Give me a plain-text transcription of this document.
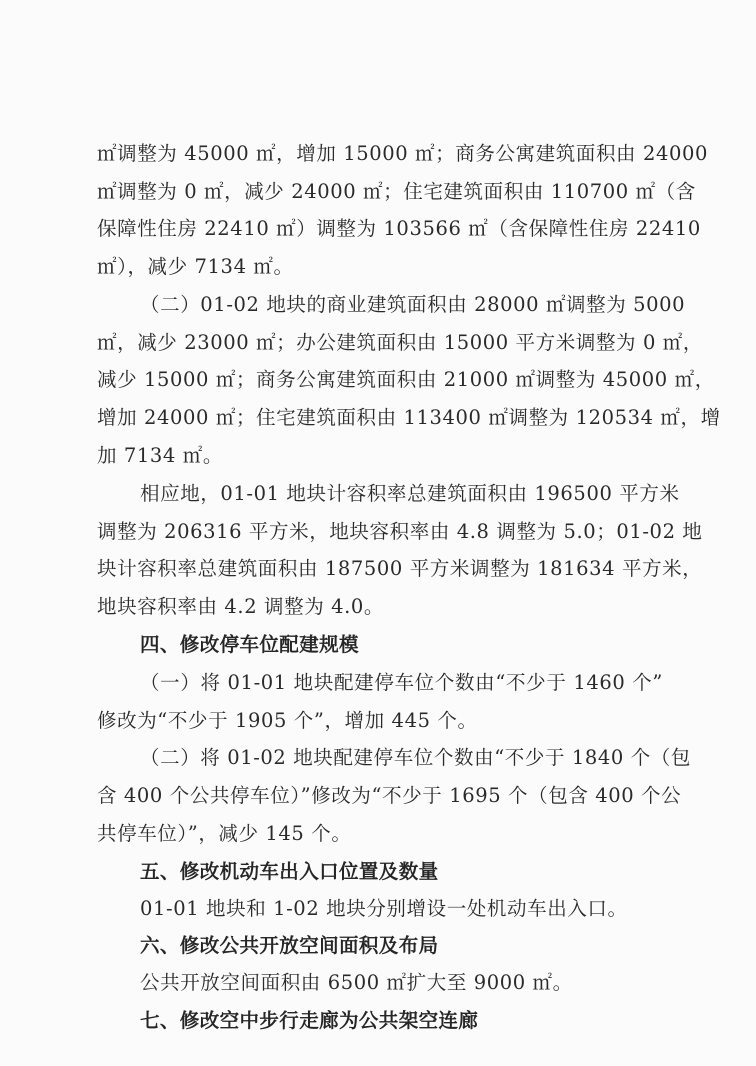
㎡调整为 45000 ㎡，增加 15000 ㎡；商务公寓建筑面积由 24000
㎡调整为 0 ㎡，减少 24000 ㎡；住宅建筑面积由 110700 ㎡（含
保障性住房 22410 ㎡）调整为 103566 ㎡（含保障性住房 22410
㎡），减少 7134 ㎡。
（二）01-02 地块的商业建筑面积由 28000 ㎡调整为 5000
㎡，减少 23000 ㎡；办公建筑面积由 15000 平方米调整为 0 ㎡，
减少 15000 ㎡；商务公寓建筑面积由 21000 ㎡调整为 45000 ㎡，
增加 24000 ㎡；住宅建筑面积由 113400 ㎡调整为 120534 ㎡，增
加 7134 ㎡。
相应地，01-01 地块计容积率总建筑面积由 196500 平方米
调整为 206316 平方米，地块容积率由 4.8 调整为 5.0；01-02 地
块计容积率总建筑面积由 187500 平方米调整为 181634 平方米，
地块容积率由 4.2 调整为 4.0。
四、修改停车位配建规模
（一）将 01-01 地块配建停车位个数由“不少于 1460 个”
修改为“不少于 1905 个”，增加 445 个。
（二）将 01-02 地块配建停车位个数由“不少于 1840 个（包
含 400 个公共停车位）”修改为“不少于 1695 个（包含 400 个公
共停车位）”，减少 145 个。
五、修改机动车出入口位置及数量
01-01 地块和 1-02 地块分别增设一处机动车出入口。
六、修改公共开放空间面积及布局
公共开放空间面积由 6500 ㎡扩大至 9000 ㎡。
七、修改空中步行走廊为公共架空连廊
